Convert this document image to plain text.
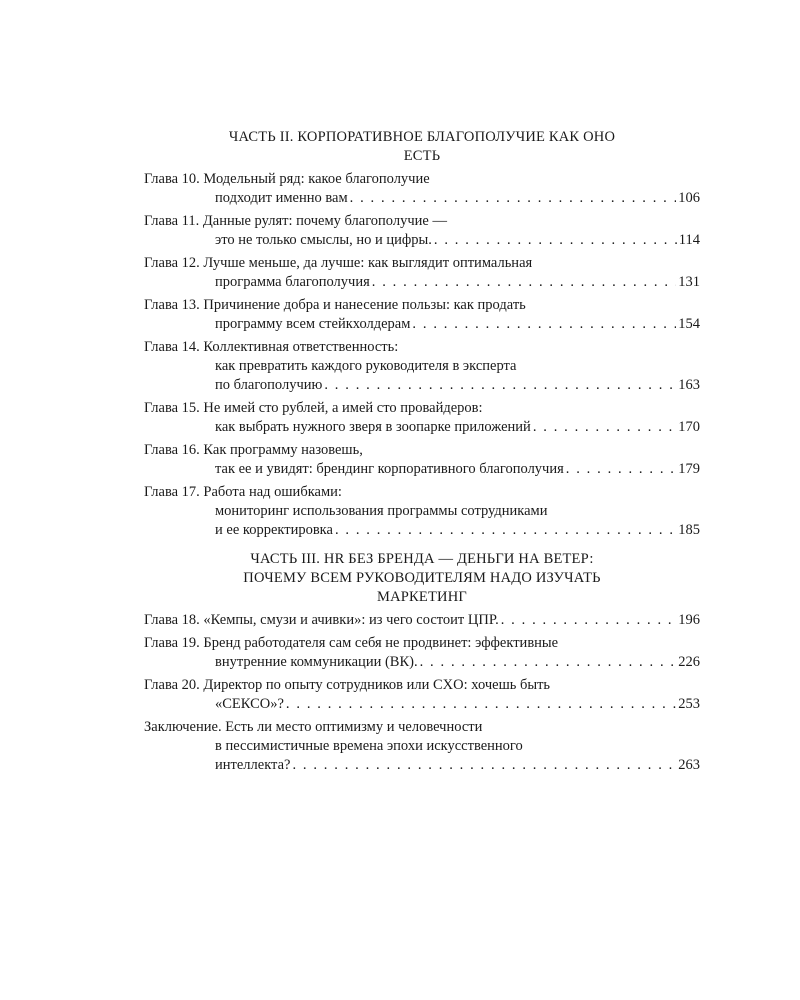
ЧАСТЬ II. КОРПОРАТИВНОЕ БЛАГОПОЛУЧИЕ КАК ОНО
ЕСТЬ
Глава 10. Модельный ряд: какое благополучие
подходит именно вам . . .	106
Глава 11. Данные рулят: почему благополучие —
это не только смыслы, но и цифры. . . .	114
Глава 12. Лучше меньше, да лучше: как выглядит оптимальная
программа благополучия . . .	131
Глава 13. Причинение добра и нанесение пользы: как продать
программу всем стейкхолдерам . . .	154
Глава 14. Коллективная ответственность:
как превратить каждого руководителя в эксперта
по благополучию . . .	163
Глава 15. Не имей сто рублей, а имей сто провайдеров:
как выбрать нужного зверя в зоопарке приложений . . .	170
Глава 16. Как программу назовешь,
так ее и увидят: брендинг корпоративного благополучия . . .	179
Глава 17. Работа над ошибками:
мониторинг использования программы сотрудниками
и ее корректировка . . .	185
ЧАСТЬ III. HR БЕЗ БРЕНДА — ДЕНЬГИ НА ВЕТЕР:
ПОЧЕМУ ВСЕМ РУКОВОДИТЕЛЯМ НАДО ИЗУЧАТЬ
МАРКЕТИНГ
Глава 18. «Кемпы, смузи и ачивки»: из чего состоит ЦПР. . . .	196
Глава 19. Бренд работодателя сам себя не продвинет: эффективные
внутренние коммуникации (ВК). . . .	226
Глава 20. Директор по опыту сотрудников или CXO: хочешь быть
«СЕКСО»? . . .	253
Заключение. Есть ли место оптимизму и человечности
в пессимистичные времена эпохи искусственного
интеллекта? . . .	263
